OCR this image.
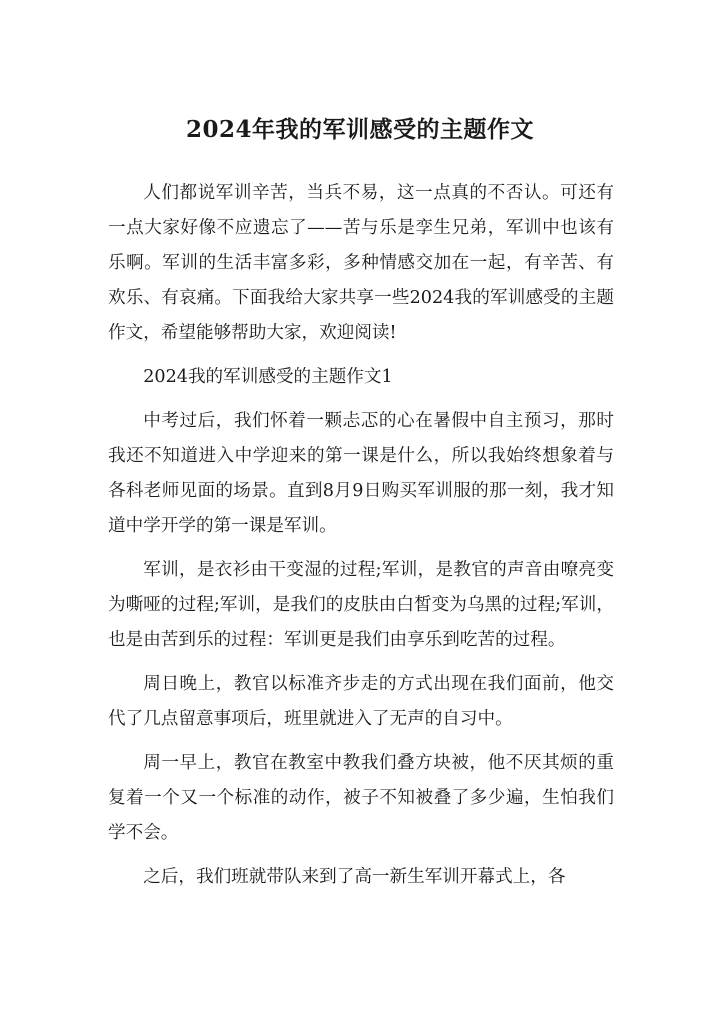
2024年我的军训感受的主题作文

人们都说军训辛苦，当兵不易，这一点真的不否认。可还有一点大家好像不应遗忘了——苦与乐是孪生兄弟，军训中也该有乐啊。军训的生活丰富多彩，多种情感交加在一起，有辛苦、有欢乐、有哀痛。下面我给大家共享一些2024我的军训感受的主题作文，希望能够帮助大家，欢迎阅读!

2024我的军训感受的主题作文1

中考过后，我们怀着一颗忐忑的心在暑假中自主预习，那时我还不知道进入中学迎来的第一课是什么，所以我始终想象着与各科老师见面的场景。直到8月9日购买军训服的那一刻，我才知道中学开学的第一课是军训。

军训，是衣衫由干变湿的过程;军训，是教官的声音由嘹亮变为嘶哑的过程;军训，是我们的皮肤由白皙变为乌黑的过程;军训，也是由苦到乐的过程：军训更是我们由享乐到吃苦的过程。

周日晚上，教官以标准齐步走的方式出现在我们面前，他交代了几点留意事项后，班里就进入了无声的自习中。

周一早上，教官在教室中教我们叠方块被，他不厌其烦的重复着一个又一个标准的动作，被子不知被叠了多少遍，生怕我们学不会。

之后，我们班就带队来到了高一新生军训开幕式上，各
